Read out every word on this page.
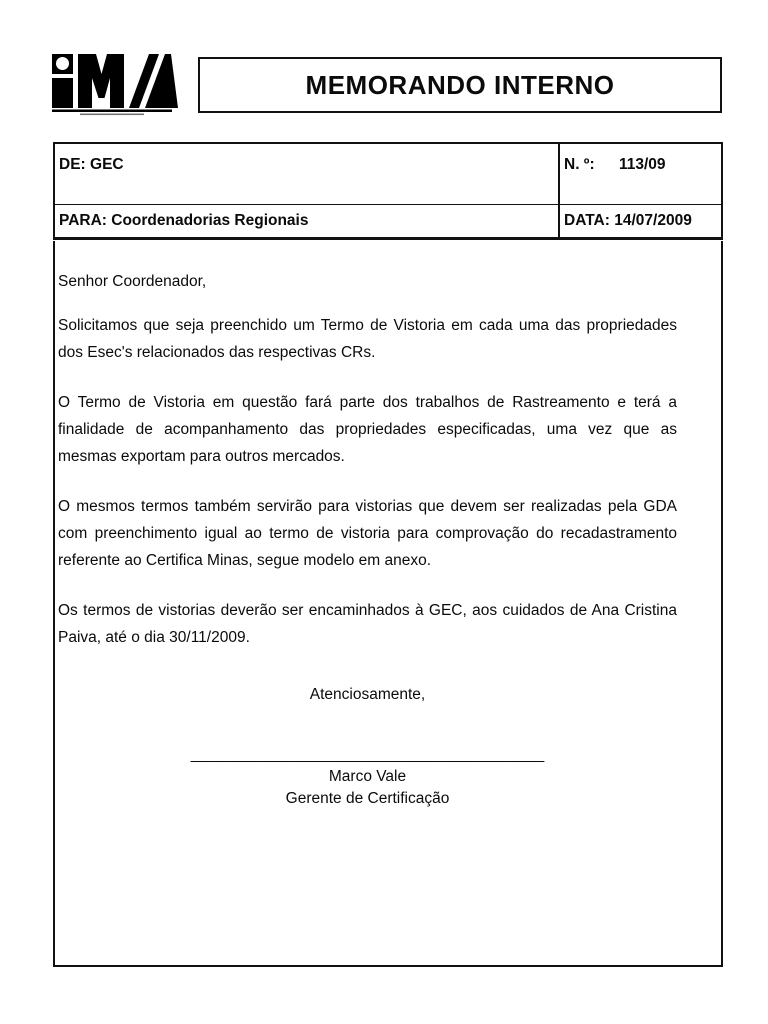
MEMORANDO INTERNO
DE: GEC	N. º: 113/09
PARA:
Coordenadorias Regionais	DATA:
14/07/2009

Senhor Coordenador,

Solicitamos que seja preenchido um Termo de Vistoria em cada uma das propriedades dos Esec's relacionados das respectivas CRs.

O Termo de Vistoria em questão fará parte dos trabalhos de Rastreamento e terá a finalidade de acompanhamento das propriedades especificadas, uma vez que as mesmas exportam para outros mercados.

O mesmos termos também servirão para vistorias que devem ser realizadas pela GDA com preenchimento igual ao termo de vistoria para comprovação do recadastramento referente ao Certifica Minas, segue modelo em anexo.

Os termos de vistorias deverão ser encaminhados à GEC, aos cuidados de Ana Cristina Paiva, até o dia 30/11/2009.

Atenciosamente,

_________________________________________
Marco Vale
Gerente de Certificação
